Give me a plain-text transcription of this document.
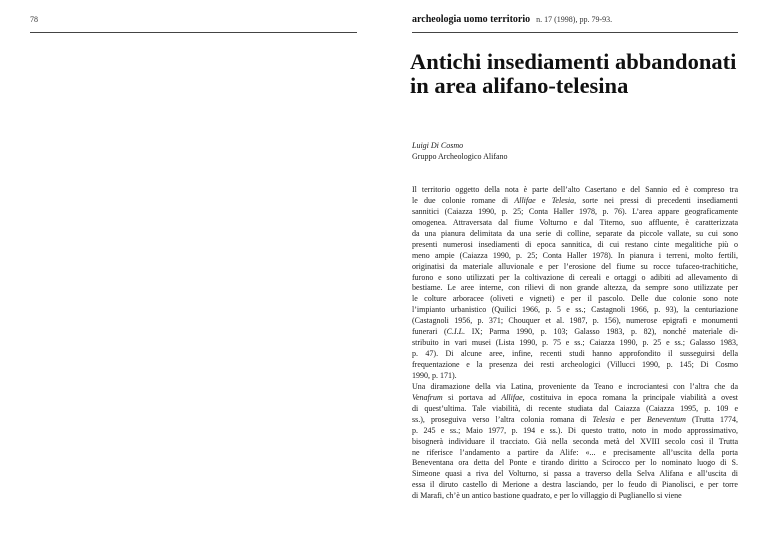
78	archeologia uomo territorio n. 17 (1998), pp. 79-93.
Antichi insediamenti abbandonati
in area alifano-telesina
Luigi Di Cosmo
Gruppo Archeologico Alifano
Il territorio oggetto della nota è parte dell’alto Casertano e del Sannio ed è compreso tra
le due colonie romane di Allifae e Telesia, sorte nei pressi di precedenti insediamenti
sannitici (Caiazza 1990, p. 25; Conta Haller 1978, p. 76). L’area appare geograficamente
omogenea. Attraversata dal fiume Volturno e dal Titerno, suo affluente, è caratterizzata
da una pianura delimitata da una serie di colline, separate da piccole vallate, su cui sono
presenti numerosi insediamenti di epoca sannitica, di cui restano cinte megalitiche più o
meno ampie (Caiazza 1990, p. 25; Conta Haller 1978). In pianura i terreni, molto fertili,
originatisi da materiale alluvionale e per l’erosione del fiume su rocce tufaceo-trachitiche,
furono e sono utilizzati per la coltivazione di cereali e ortaggi o adibiti ad allevamento di
bestiame. Le aree interne, con rilievi di non grande altezza, da sempre sono utilizzate per
le colture arboracee (oliveti e vigneti) e per il pascolo. Delle due colonie sono note
l’impianto urbanistico (Quilici 1966, p. 5 e ss.; Castagnoli 1966, p. 93), la centuriazione
(Castagnoli 1956, p. 371; Chouquer et al. 1987, p. 156), numerose epigrafi e monumenti
funerari (C.I.L. IX; Parma 1990, p. 103; Galasso 1983, p. 82), nonché materiale di-
stribuito in vari musei (Lista 1990, p. 75 e ss.; Caiazza 1990, p. 25 e ss.; Galasso 1983,
p. 47). Di alcune aree, infine, recenti studi hanno approfondito il susseguirsi della
frequentazione e la presenza dei resti archeologici (Villucci 1990, p. 145; Di Cosmo
1990, p. 171).
Una diramazione della via Latina, proveniente da Teano e incrociantesi con l’altra che da
Venafrum si portava ad Allifae, costituiva in epoca romana la principale viabilità a ovest
di quest’ultima. Tale viabilità, di recente studiata dal Caiazza (Caiazza 1995, p. 109 e
ss.), proseguiva verso l’altra colonia romana di Telesia e per Beneventum (Trutta 1774,
p. 245 e ss.; Maio 1977, p. 194 e ss.). Di questo tratto, noto in modo approssimativo,
bisognerà individuare il tracciato. Già nella seconda metà del XVIII secolo così il Trutta
ne riferisce l’andamento a partire da Alife: «... e precisamente all’uscita della porta
Beneventana ora detta del Ponte e tirando diritto a Scirocco per lo nominato luogo di S.
Simeone quasi a riva del Volturno, si passa a traverso della Selva Alifana e all’uscita di
essa il diruto castello di Merione a destra lasciando, per lo feudo di Pianolisci, e per torre
di Marafi, ch’è un antico bastione quadrato, e per lo villaggio di Puglianello si viene
